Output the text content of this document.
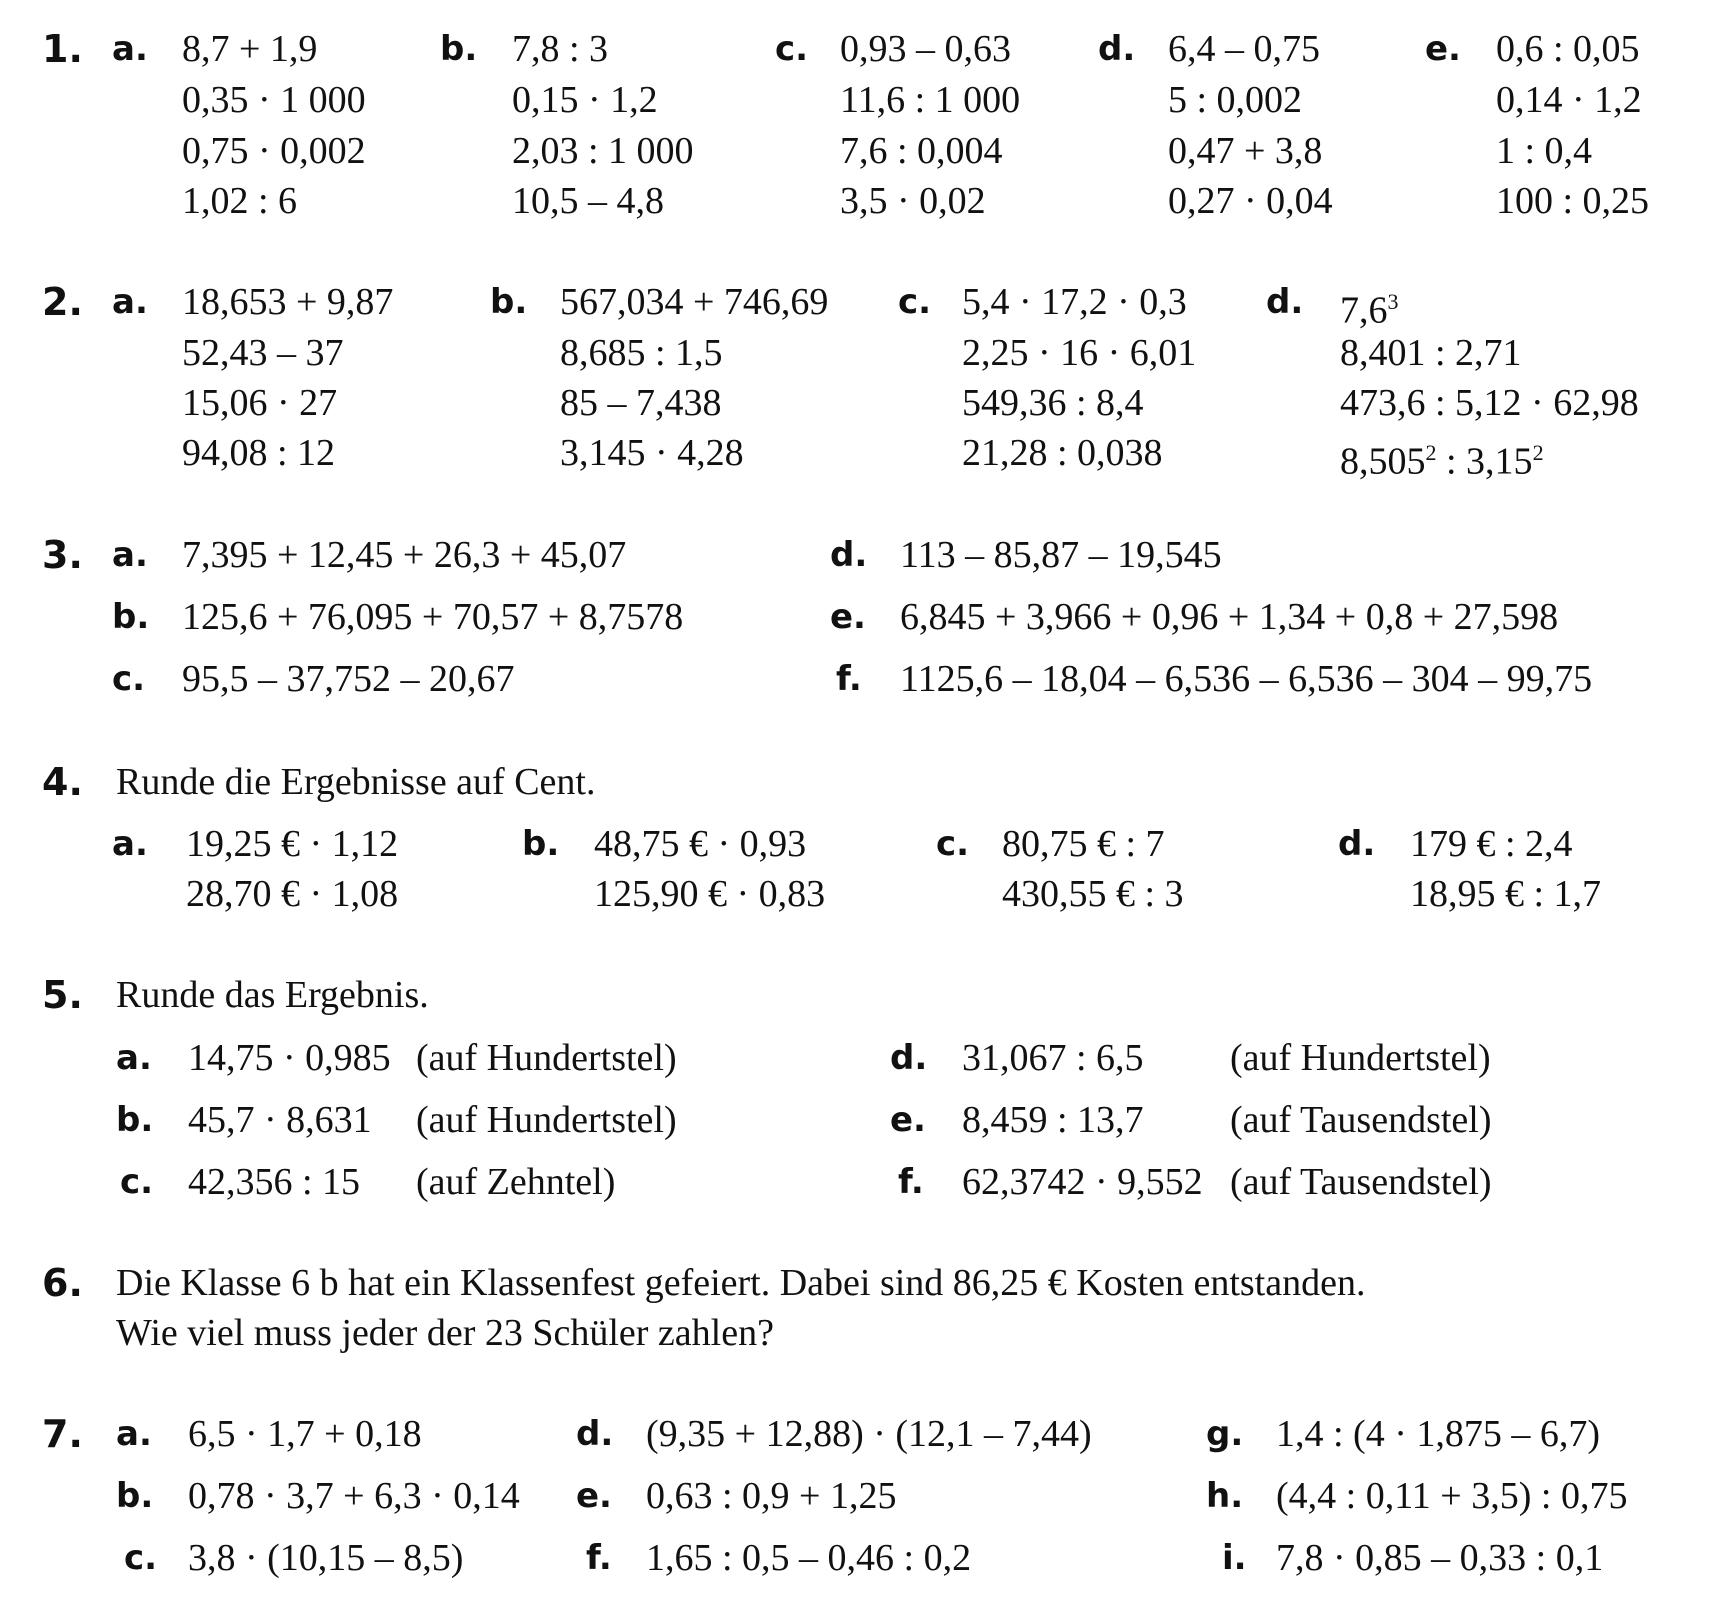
1. a. 8,7 + 1,9
0,35 · 1 000
0,75 · 0,002
1,02 : 6
b. 7,8 : 3
0,15 · 1,2
2,03 : 1 000
10,5 – 4,8
c. 0,93 – 0,63
11,6 : 1 000
7,6 : 0,004
3,5 · 0,02
d. 6,4 – 0,75
5 : 0,002
0,47 + 3,8
0,27 · 0,04
e. 0,6 : 0,05
0,14 · 1,2
1 : 0,4
100 : 0,25
2. a. 18,653 + 9,87
52,43 – 37
15,06 · 27
94,08 : 12
b. 567,034 + 746,69
8,685 : 1,5
85 – 7,438
3,145 · 4,28
c. 5,4 · 17,2 · 0,3
2,25 · 16 · 6,01
549,36 : 8,4
21,28 : 0,038
d. $7,6^3$
8,401 : 2,71
473,6 : 5,12 · 62,98
8,505$^2$ : 3,15$^2$
3. a. 7,395 + 12,45 + 26,3 + 45,07
b. 125,6 + 76,095 + 70,57 + 8,7578
c. 95,5 – 37,752 – 20,67
d. 113 – 85,87 – 19,545
e. 6,845 + 3,966 + 0,96 + 1,34 + 0,8 + 27,598
f. 1125,6 – 18,04 – 6,536 – 6,536 – 304 – 99,75
4. Runde die Ergebnisse auf Cent.
a. 19,25 € · 1,12
28,70 € · 1,08
b. 48,75 € · 0,93
125,90 € · 0,83
c. 80,75 € : 7
430,55 € : 3
d. 179 € : 2,4
18,95 € : 1,7
5. Runde das Ergebnis.
a. 14,75 · 0,985 (auf Hundertstel)
b. 45,7 · 8,631 (auf Hundertstel)
c. 42,356 : 15 (auf Zehntel)
d. 31,067 : 6,5 (auf Hundertstel)
e. 8,459 : 13,7 (auf Tausendstel)
f. 62,3742 · 9,552 (auf Tausendstel)
6. Die Klasse 6 b hat ein Klassenfest gefeiert. Dabei sind 86,25 € Kosten entstanden.
Wie viel muss jeder der 23 Schüler zahlen?
7. a. 6,5 · 1,7 + 0,18
b. 0,78 · 3,7 + 6,3 · 0,14
c. 3,8 · (10,15 – 8,5)
d. (9,35 + 12,88) · (12,1 – 7,44)
e. 0,63 : 0,9 + 1,25
f. 1,65 : 0,5 – 0,46 : 0,2
g. 1,4 : (4 · 1,875 – 6,7)
h. (4,4 : 0,11 + 3,5) : 0,75
i. 7,8 · 0,85 – 0,33 : 0,1
